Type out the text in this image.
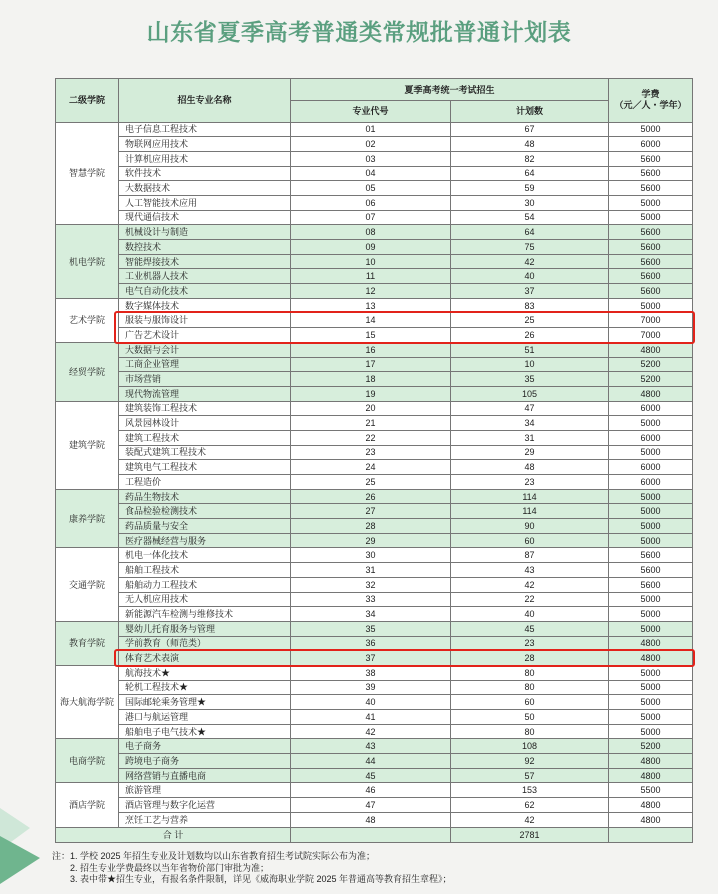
山东省夏季高考普通类常规批普通计划表
二级学院	招生专业名称	夏季高考统一考试招生		学费
（元／人・学年）

		专业代号	计划数	
智慧学院	电子信息工程技术	01	67	5000
	物联网应用技术	02	48	6000
	计算机应用技术	03	82	5600
	软件技术	04	64	5600
	大数据技术	05	59	5600
	人工智能技术应用	06	30	5000
	现代通信技术	07	54	5000
机电学院	机械设计与制造	08	64	5600
	数控技术	09	75	5600
	智能焊接技术	10	42	5600
	工业机器人技术	11	40	5600
	电气自动化技术	12	37	5600
艺术学院	数字媒体技术	13	83	5000
	服装与服饰设计	14	25	7000
	广告艺术设计	15	26	7000
经贸学院	大数据与会计	16	51	4800
	工商企业管理	17	10	5200
	市场营销	18	35	5200
	现代物流管理	19	105	4800
建筑学院	建筑装饰工程技术	20	47	6000
	风景园林设计	21	34	5000
	建筑工程技术	22	31	6000
	装配式建筑工程技术	23	29	5000
	建筑电气工程技术	24	48	6000
	工程造价	25	23	6000
康养学院	药品生物技术	26	114	5000
	食品检验检测技术	27	114	5000
	药品质量与安全	28	90	5000
	医疗器械经营与服务	29	60	5000
交通学院	机电一体化技术	30	87	5600
	船舶工程技术	31	43	5600
	船舶动力工程技术	32	42	5600
	无人机应用技术	33	22	5000
	新能源汽车检测与维修技术	34	40	5000
教育学院	婴幼儿托育服务与管理	35	45	5000
	学前教育（师范类）	36	23	4800
	体育艺术表演	37	28	4800
海大航海学院	航海技术★	38	80	5000
	轮机工程技术★	39	80	5000
	国际邮轮乘务管理★	40	60	5000
	港口与航运管理	41	50	5000
	船舶电子电气技术★	42	80	5000
电商学院	电子商务	43	108	5200
	跨境电子商务	44	92	4800
	网络营销与直播电商	45	57	4800
酒店学院	旅游管理	46	153	5500
	酒店管理与数字化运营	47	62	4800
	烹饪工艺与营养	48	42	4800
合 计			2781	
注： 1. 学校 2025 年招生专业及计划数均以山东省教育招生考试院实际公布为准；
2. 招生专业学费最终以当年省物价部门审批为准；
3. 表中带★招生专业，有报名条件限制，详见《威海职业学院 2025 年普通高等教育招生章程》；
